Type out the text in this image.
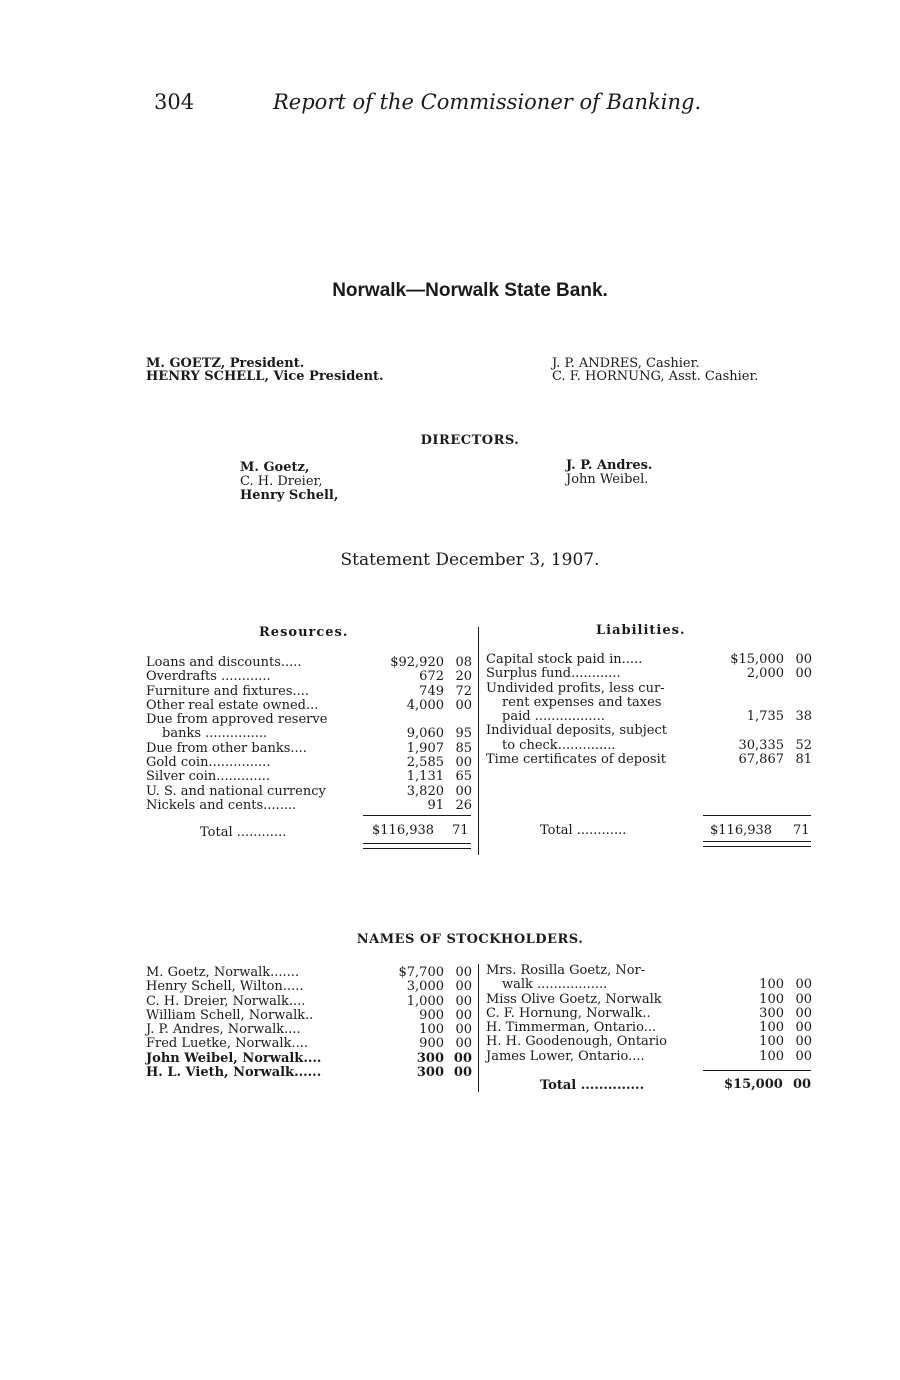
304	Report of the Commissioner of Banking.
Norwalk—Norwalk State Bank.
M. GOETZ, President.
HENRY SCHELL, Vice President.
J. P. ANDRES, Cashier.
C. F. HORNUNG, Asst. Cashier.
DIRECTORS.
M. Goetz,
C. H. Dreier,
Henry Schell,
J. P. Andres.
John Weibel.
Statement December 3, 1907.
Resources.	Liabilities.
Loans and discounts.....	$92,920	08
Overdrafts ............	672	20
Furniture and fixtures....	749	72
Other real estate owned...	4,000	00
Due from approved reserve		
banks ...............	9,060	95
Due from other banks....	1,907	85
Gold coin...............	2,585	00
Silver coin.............	1,131	65
U. S. and national currency	3,820	00
Nickels and cents........	91	26
Total ............	$116,938 71
Capital stock paid in.....	$15,000	00
Surplus fund............	2,000	00
Undivided profits, less cur-		
rent expenses and taxes		
paid .................	1,735	38
Individual deposits, subject		
to check..............	30,335	52
Time certificates of deposit	67,867	81
Total ............	$116,938 71
NAMES OF STOCKHOLDERS.
M. Goetz, Norwalk.......	$7,700	00
Henry Schell, Wilton.....	3,000	00
C. H. Dreier, Norwalk....	1,000	00
William Schell, Norwalk..	900	00
J. P. Andres, Norwalk....	100	00
Fred Luetke, Norwalk....	900	00
John Weibel, Norwalk....	300	00
H. L. Vieth, Norwalk......	300	00
Mrs. Rosilla Goetz, Nor-		
walk .................	100	00
Miss Olive Goetz, Norwalk	100	00
C. F. Hornung, Norwalk..	300	00
H. Timmerman, Ontario...	100	00
H. H. Goodenough, Ontario	100	00
James Lower, Ontario....	100	00
Total ..............	$15,000 00
